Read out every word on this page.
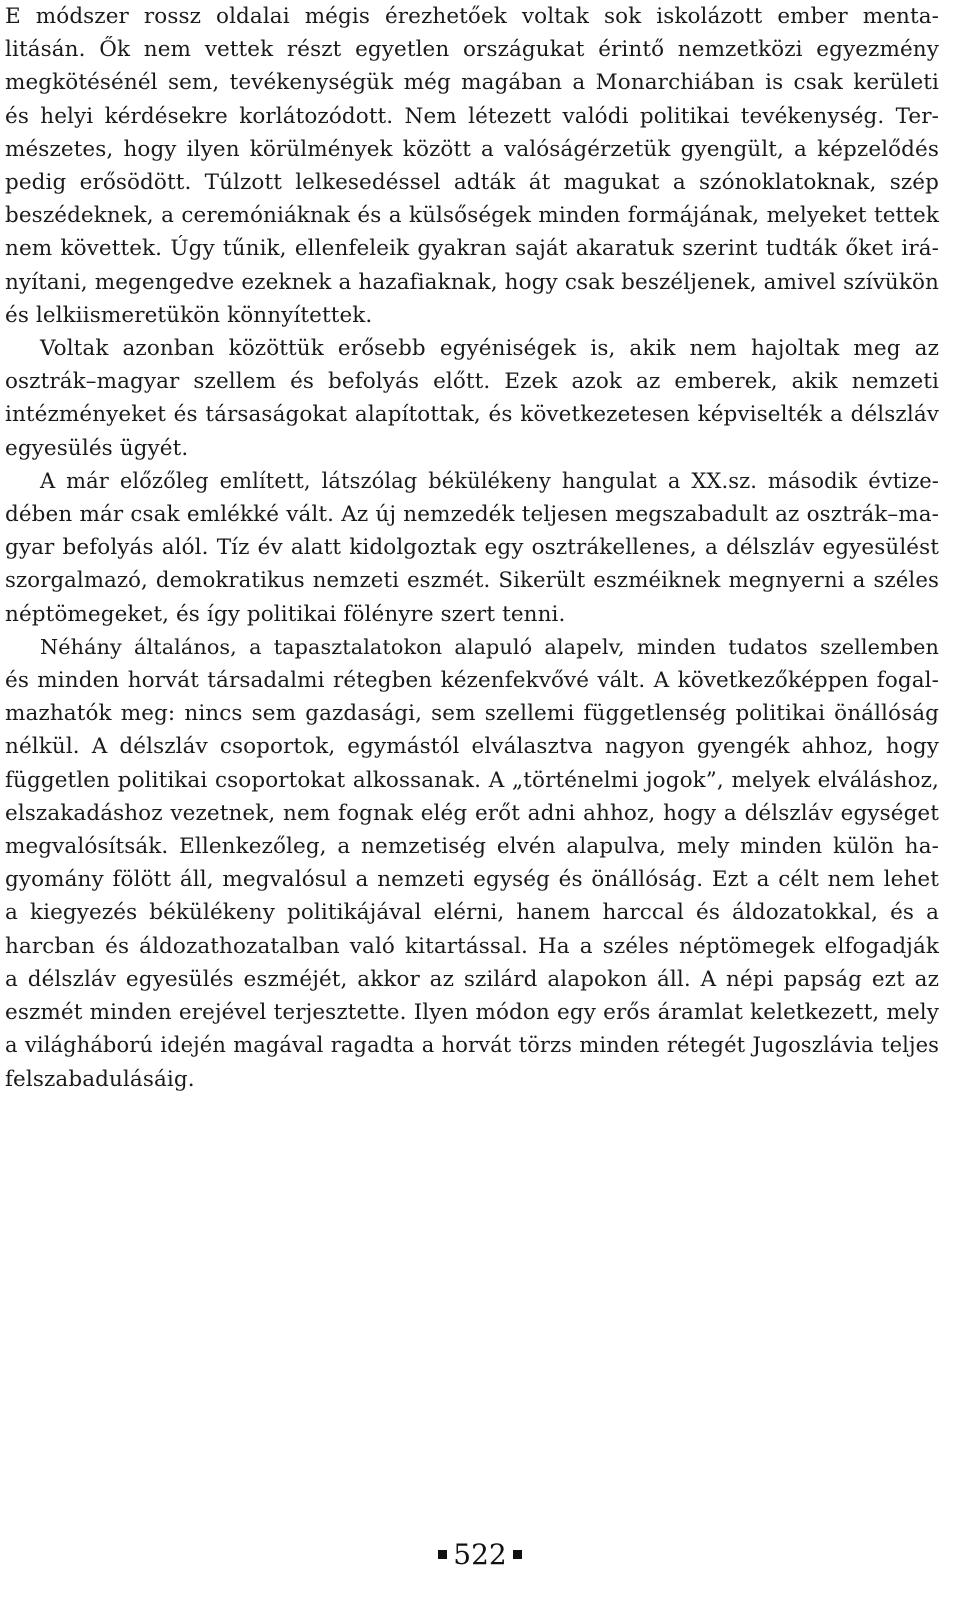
E módszer rossz oldalai mégis érezhetőek voltak sok iskolázott ember menta-
litásán. Ők nem vettek részt egyetlen országukat érintő nemzetközi egyezmény
megkötésénél sem, tevékenységük még magában a Monarchiában is csak kerületi
és helyi kérdésekre korlátozódott. Nem létezett valódi politikai tevékenység. Ter-
mészetes, hogy ilyen körülmények között a valóságérzetük gyengült, a képzelődés
pedig erősödött. Túlzott lelkesedéssel adták át magukat a szónoklatoknak, szép
beszédeknek, a ceremóniáknak és a külsőségek minden formájának, melyeket tettek
nem követtek. Úgy tűnik, ellenfeleik gyakran saját akaratuk szerint tudták őket irá-
nyítani, megengedve ezeknek a hazafiaknak, hogy csak beszéljenek, amivel szívükön
és lelkiismeretükön könnyítettek.
Voltak azonban közöttük erősebb egyéniségek is, akik nem hajoltak meg az
osztrák–magyar szellem és befolyás előtt. Ezek azok az emberek, akik nemzeti
intézményeket és társaságokat alapítottak, és következetesen képviselték a délszláv
egyesülés ügyét.
A már előzőleg említett, látszólag békülékeny hangulat a XX.sz. második évtize-
dében már csak emlékké vált. Az új nemzedék teljesen megszabadult az osztrák–ma-
gyar befolyás alól. Tíz év alatt kidolgoztak egy osztrákellenes, a délszláv egyesülést
szorgalmazó, demokratikus nemzeti eszmét. Sikerült eszméiknek megnyerni a széles
néptömegeket, és így politikai fölényre szert tenni.
Néhány általános, a tapasztalatokon alapuló alapelv, minden tudatos szellemben
és minden horvát társadalmi rétegben kézenfekvővé vált. A következőképpen fogal-
mazhatók meg: nincs sem gazdasági, sem szellemi függetlenség politikai önállóság
nélkül. A délszláv csoportok, egymástól elválasztva nagyon gyengék ahhoz, hogy
független politikai csoportokat alkossanak. A „történelmi jogok”, melyek elváláshoz,
elszakadáshoz vezetnek, nem fognak elég erőt adni ahhoz, hogy a délszláv egységet
megvalósítsák. Ellenkezőleg, a nemzetiség elvén alapulva, mely minden külön ha-
gyomány fölött áll, megvalósul a nemzeti egység és önállóság. Ezt a célt nem lehet
a kiegyezés békülékeny politikájával elérni, hanem harccal és áldozatokkal, és a
harcban és áldozathozatalban való kitartással. Ha a széles néptömegek elfogadják
a délszláv egyesülés eszméjét, akkor az szilárd alapokon áll. A népi papság ezt az
eszmét minden erejével terjesztette. Ilyen módon egy erős áramlat keletkezett, mely
a világháború idején magával ragadta a horvát törzs minden rétegét Jugoszlávia teljes
felszabadulásáig.
522
